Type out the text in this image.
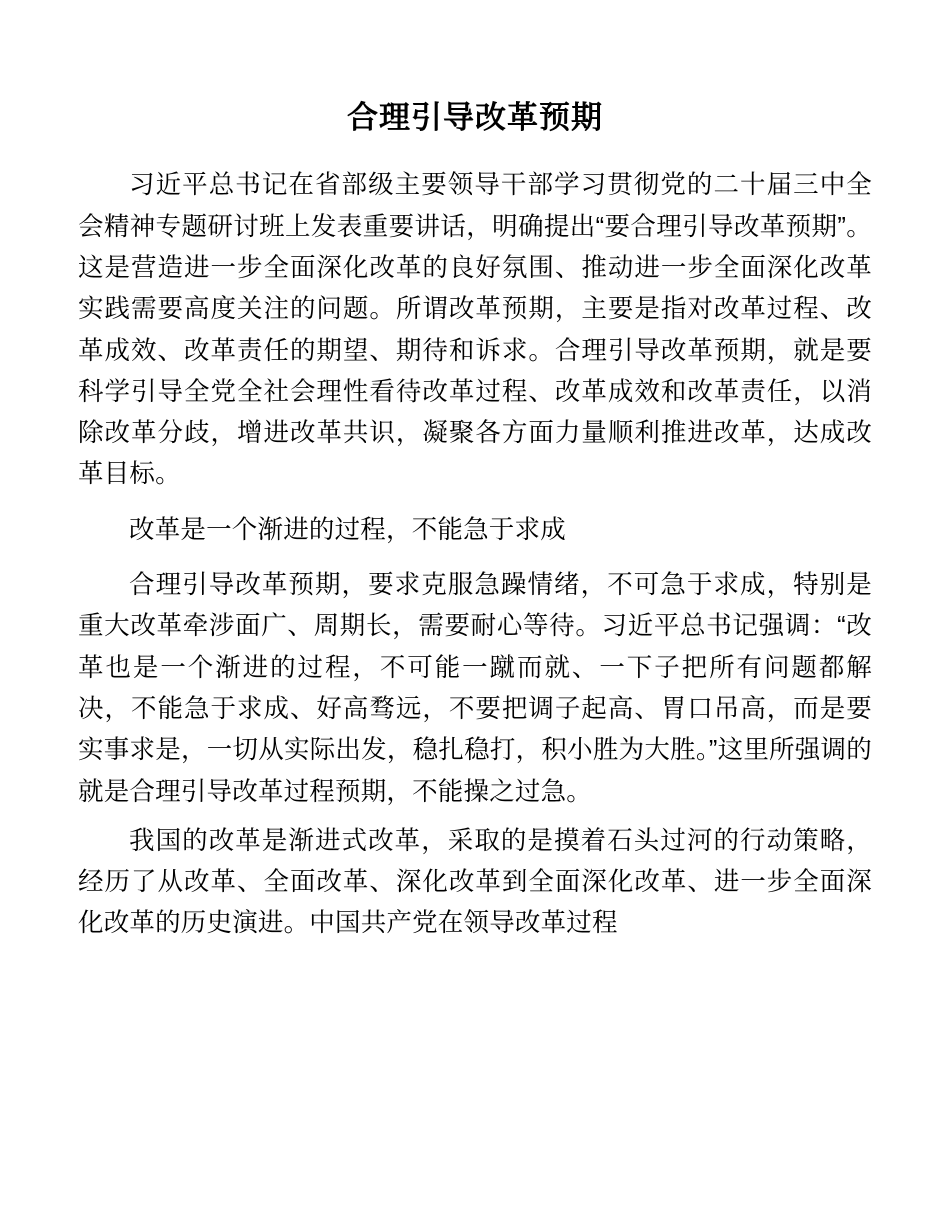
合理引导改革预期

习近平总书记在省部级主要领导干部学习贯彻党的二十届三中全会精神专题研讨班上发表重要讲话，明确提出“要合理引导改革预期”。这是营造进一步全面深化改革的良好氛围、推动进一步全面深化改革实践需要高度关注的问题。所谓改革预期，主要是指对改革过程、改革成效、改革责任的期望、期待和诉求。合理引导改革预期，就是要科学引导全党全社会理性看待改革过程、改革成效和改革责任，以消除改革分歧，增进改革共识，凝聚各方面力量顺利推进改革，达成改革目标。

改革是一个渐进的过程，不能急于求成

合理引导改革预期，要求克服急躁情绪，不可急于求成，特别是重大改革牵涉面广、周期长，需要耐心等待。习近平总书记强调：“改革也是一个渐进的过程，不可能一蹴而就、一下子把所有问题都解决，不能急于求成、好高骛远，不要把调子起高、胃口吊高，而是要实事求是，一切从实际出发，稳扎稳打，积小胜为大胜。”这里所强调的就是合理引导改革过程预期，不能操之过急。

我国的改革是渐进式改革，采取的是摸着石头过河的行动策略，经历了从改革、全面改革、深化改革到全面深化改革、进一步全面深化改革的历史演进。中国共产党在领导改革过程
